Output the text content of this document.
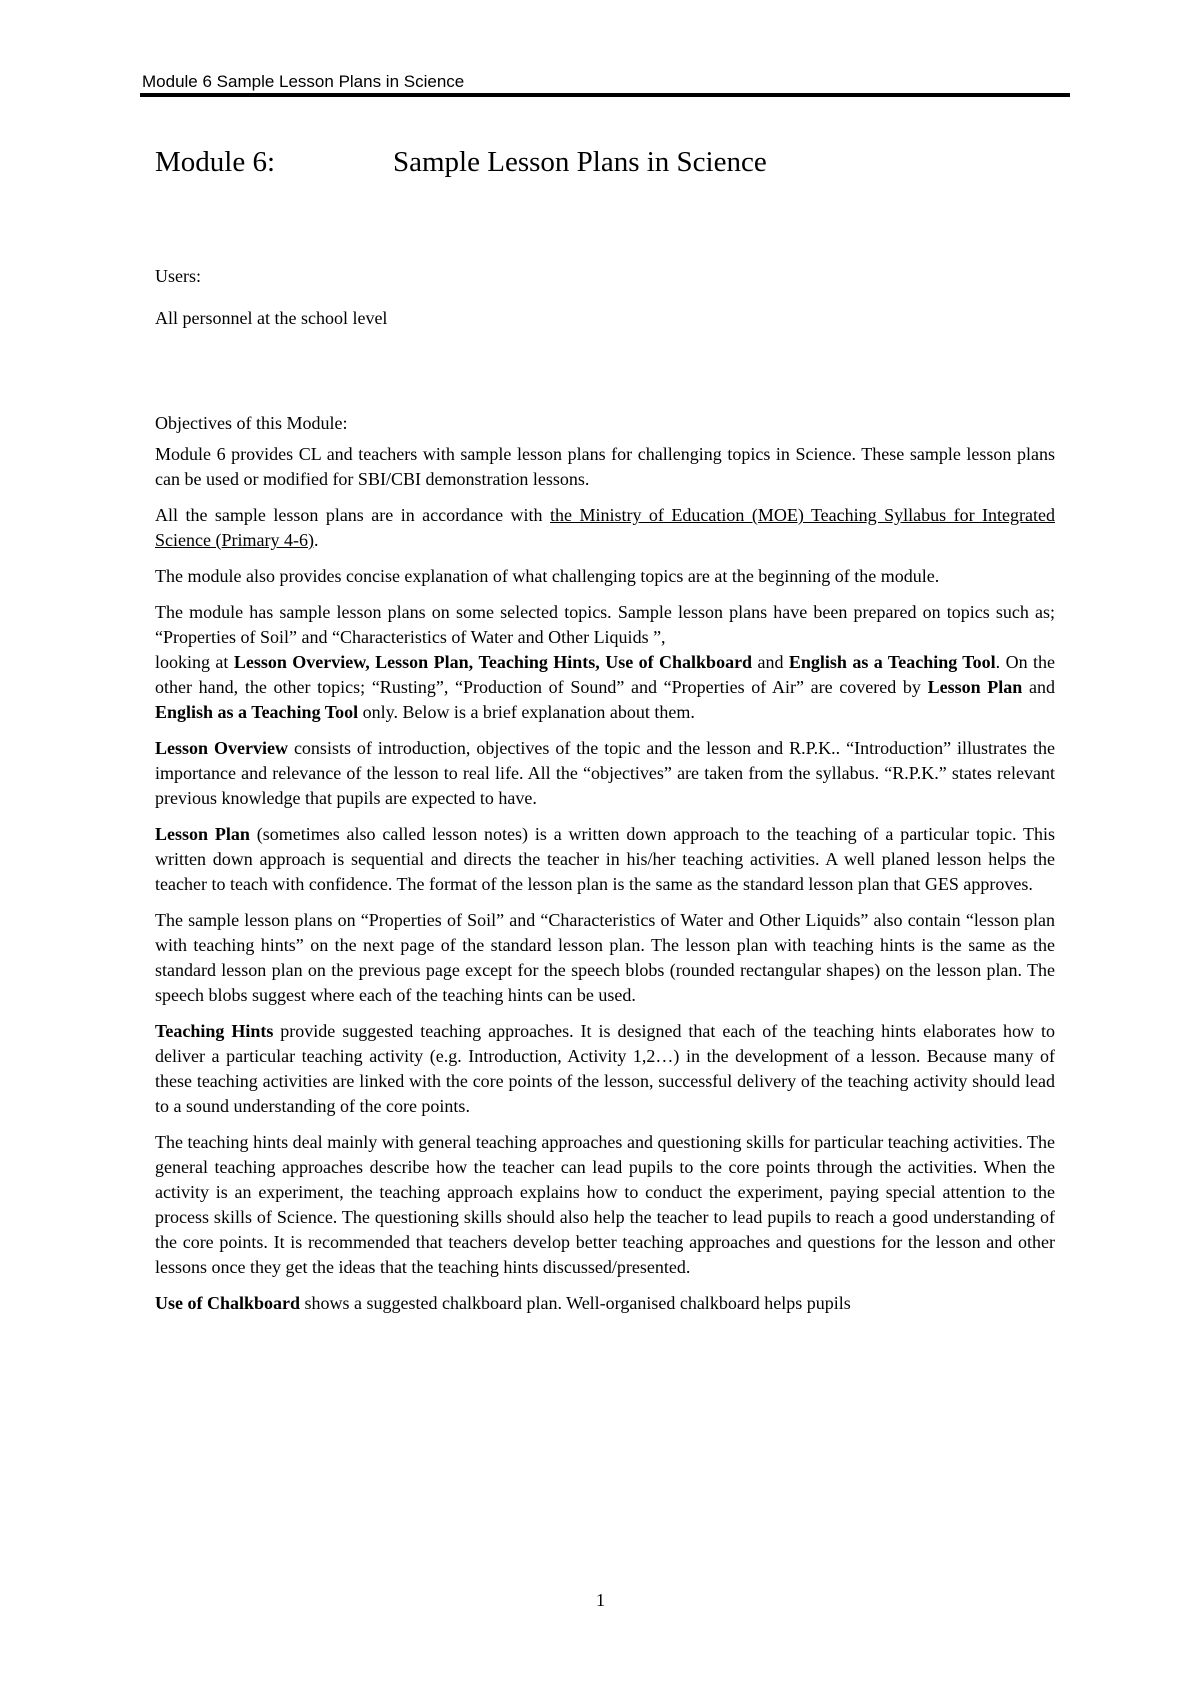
Module 6 Sample Lesson Plans in Science
Module 6:	Sample Lesson Plans in Science
Users:
All personnel at the school level
Objectives of this Module:

Module 6 provides CL and teachers with sample lesson plans for challenging topics in Science. These sample lesson plans can be used or modified for SBI/CBI demonstration lessons.

All the sample lesson plans are in accordance with the Ministry of Education (MOE) Teaching Syllabus for Integrated Science (Primary 4-6).

The module also provides concise explanation of what challenging topics are at the beginning of the module.

The module has sample lesson plans on some selected topics. Sample lesson plans have been prepared on topics such as; “Properties of Soil” and “Characteristics of Water and Other Liquids ”,
looking at Lesson Overview, Lesson Plan, Teaching Hints, Use of Chalkboard and English as a Teaching Tool. On the other hand, the other topics; “Rusting”, “Production of Sound” and “Properties of Air” are covered by Lesson Plan and English as a Teaching Tool only. Below is a brief explanation about them.

Lesson Overview consists of introduction, objectives of the topic and the lesson and R.P.K.. “Introduction” illustrates the importance and relevance of the lesson to real life. All the “objectives” are taken from the syllabus. “R.P.K.” states relevant previous knowledge that pupils are expected to have.

Lesson Plan (sometimes also called lesson notes) is a written down approach to the teaching of a particular topic. This written down approach is sequential and directs the teacher in his/her teaching activities. A well planed lesson helps the teacher to teach with confidence. The format of the lesson plan is the same as the standard lesson plan that GES approves.

The sample lesson plans on “Properties of Soil” and “Characteristics of Water and Other Liquids” also contain “lesson plan with teaching hints” on the next page of the standard lesson plan. The lesson plan with teaching hints is the same as the standard lesson plan on the previous page except for the speech blobs (rounded rectangular shapes) on the lesson plan. The speech blobs suggest where each of the teaching hints can be used.

Teaching Hints provide suggested teaching approaches. It is designed that each of the teaching hints elaborates how to deliver a particular teaching activity (e.g. Introduction, Activity 1,2…) in the development of a lesson. Because many of these teaching activities are linked with the core points of the lesson, successful delivery of the teaching activity should lead to a sound understanding of the core points.

The teaching hints deal mainly with general teaching approaches and questioning skills for particular teaching activities. The general teaching approaches describe how the teacher can lead pupils to the core points through the activities. When the activity is an experiment, the teaching approach explains how to conduct the experiment, paying special attention to the process skills of Science. The questioning skills should also help the teacher to lead pupils to reach a good understanding of the core points. It is recommended that teachers develop better teaching approaches and questions for the lesson and other lessons once they get the ideas that the teaching hints discussed/presented.

Use of Chalkboard shows a suggested chalkboard plan. Well-organised chalkboard helps pupils

1
